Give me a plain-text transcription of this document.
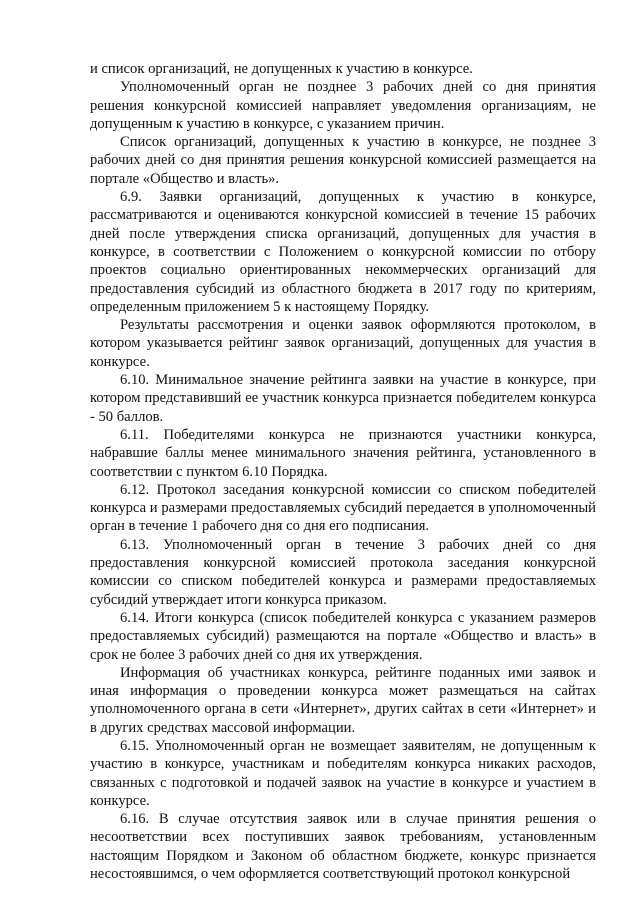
и список организаций, не допущенных к участию в конкурсе.

Уполномоченный орган не позднее 3 рабочих дней со дня принятия решения конкурсной комиссией направляет уведомления организациям, не допущенным к участию в конкурсе, с указанием причин.

Список организаций, допущенных к участию в конкурсе, не позднее 3 рабочих дней со дня принятия решения конкурсной комиссией размещается на портале «Общество и власть».

6.9. Заявки организаций, допущенных к участию в конкурсе, рассматриваются и оцениваются конкурсной комиссией в течение 15 рабочих дней после утверждения списка организаций, допущенных для участия в конкурсе, в соответствии с Положением о конкурсной комиссии по отбору проектов социально ориентированных некоммерческих организаций для предоставления субсидий из областного бюджета в 2017 году по критериям, определенным приложением 5 к настоящему Порядку.

Результаты рассмотрения и оценки заявок оформляются протоколом, в котором указывается рейтинг заявок организаций, допущенных для участия в конкурсе.

6.10. Минимальное значение рейтинга заявки на участие в конкурсе, при котором представивший ее участник конкурса признается победителем конкурса - 50 баллов.

6.11. Победителями конкурса не признаются участники конкурса, набравшие баллы менее минимального значения рейтинга, установленного в соответствии с пунктом 6.10 Порядка.

6.12. Протокол заседания конкурсной комиссии со списком победителей конкурса и размерами предоставляемых субсидий передается в уполномоченный орган в течение 1 рабочего дня со дня его подписания.

6.13. Уполномоченный орган в течение 3 рабочих дней со дня предоставления конкурсной комиссией протокола заседания конкурсной комиссии со списком победителей конкурса и размерами предоставляемых субсидий утверждает итоги конкурса приказом.

6.14. Итоги конкурса (список победителей конкурса с указанием размеров предоставляемых субсидий) размещаются на портале «Общество и власть» в срок не более 3 рабочих дней со дня их утверждения.

Информация об участниках конкурса, рейтинге поданных ими заявок и иная информация о проведении конкурса может размещаться на сайтах уполномоченного органа в сети «Интернет», других сайтах в сети «Интернет» и в других средствах массовой информации.

6.15. Уполномоченный орган не возмещает заявителям, не допущенным к участию в конкурсе, участникам и победителям конкурса никаких расходов, связанных с подготовкой и подачей заявок на участие в конкурсе и участием в конкурсе.

6.16. В случае отсутствия заявок или в случае принятия решения о несоответствии всех поступивших заявок требованиям, установленным настоящим Порядком и Законом об областном бюджете, конкурс признается несостоявшимся, о чем оформляется соответствующий протокол конкурсной
